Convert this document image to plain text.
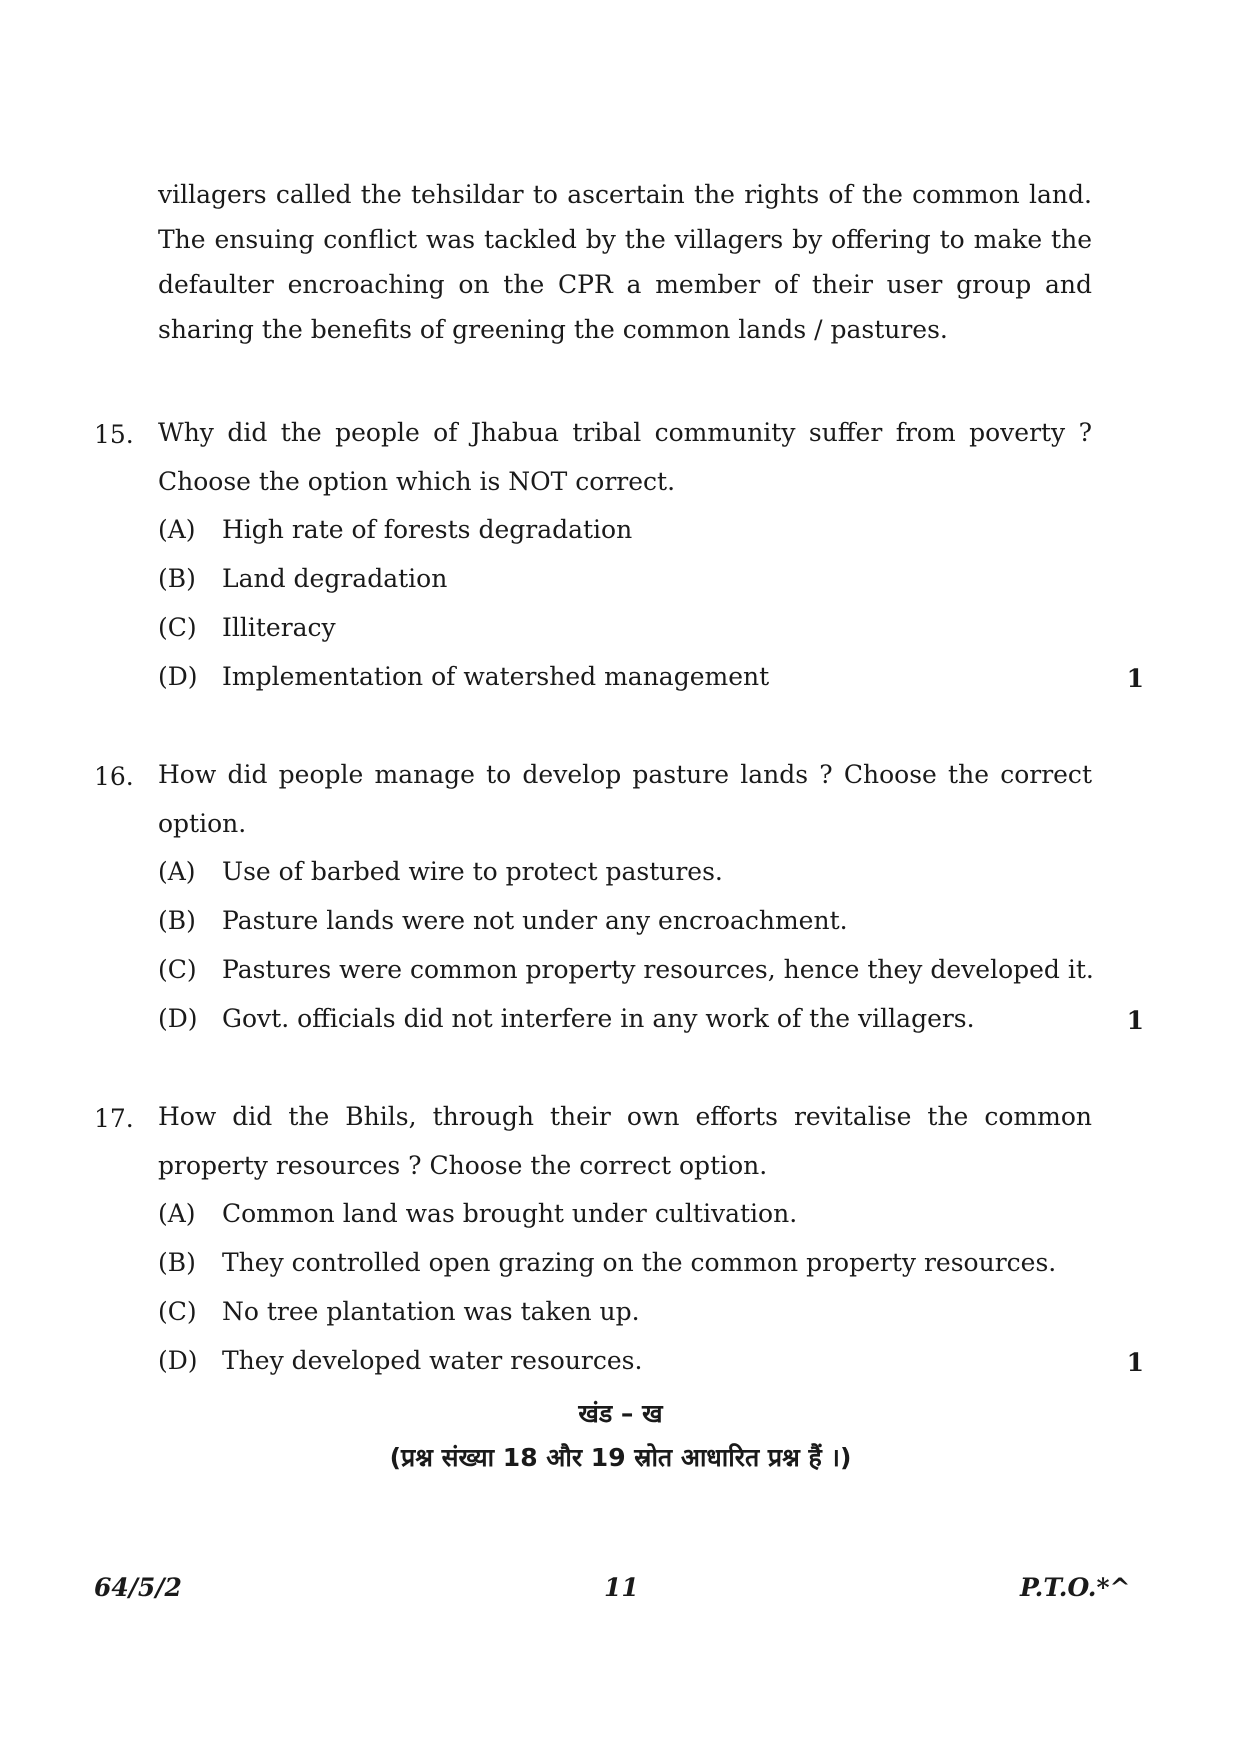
villagers called the tehsildar to ascertain the rights of the common land. The ensuing conflict was tackled by the villagers by offering to make the defaulter encroaching on the CPR a member of their user group and sharing the benefits of greening the common lands / pastures.
15. Why did the people of Jhabua tribal community suffer from poverty ? Choose the option which is NOT correct.
(A) High rate of forests degradation
(B) Land degradation
(C) Illiteracy
(D) Implementation of watershed management	1
16. How did people manage to develop pasture lands ? Choose the correct option.
(A) Use of barbed wire to protect pastures.
(B) Pasture lands were not under any encroachment.
(C) Pastures were common property resources, hence they developed it.
(D) Govt. officials did not interfere in any work of the villagers.	1
17. How did the Bhils, through their own efforts revitalise the common property resources ? Choose the correct option.
(A) Common land was brought under cultivation.
(B) They controlled open grazing on the common property resources.
(C) No tree plantation was taken up.
(D) They developed water resources.	1
खंड – ख
(प्रश्न संख्या 18 और 19 स्रोत आधारित प्रश्न हैं ।)
64/5/2	11	P.T.O.*^
